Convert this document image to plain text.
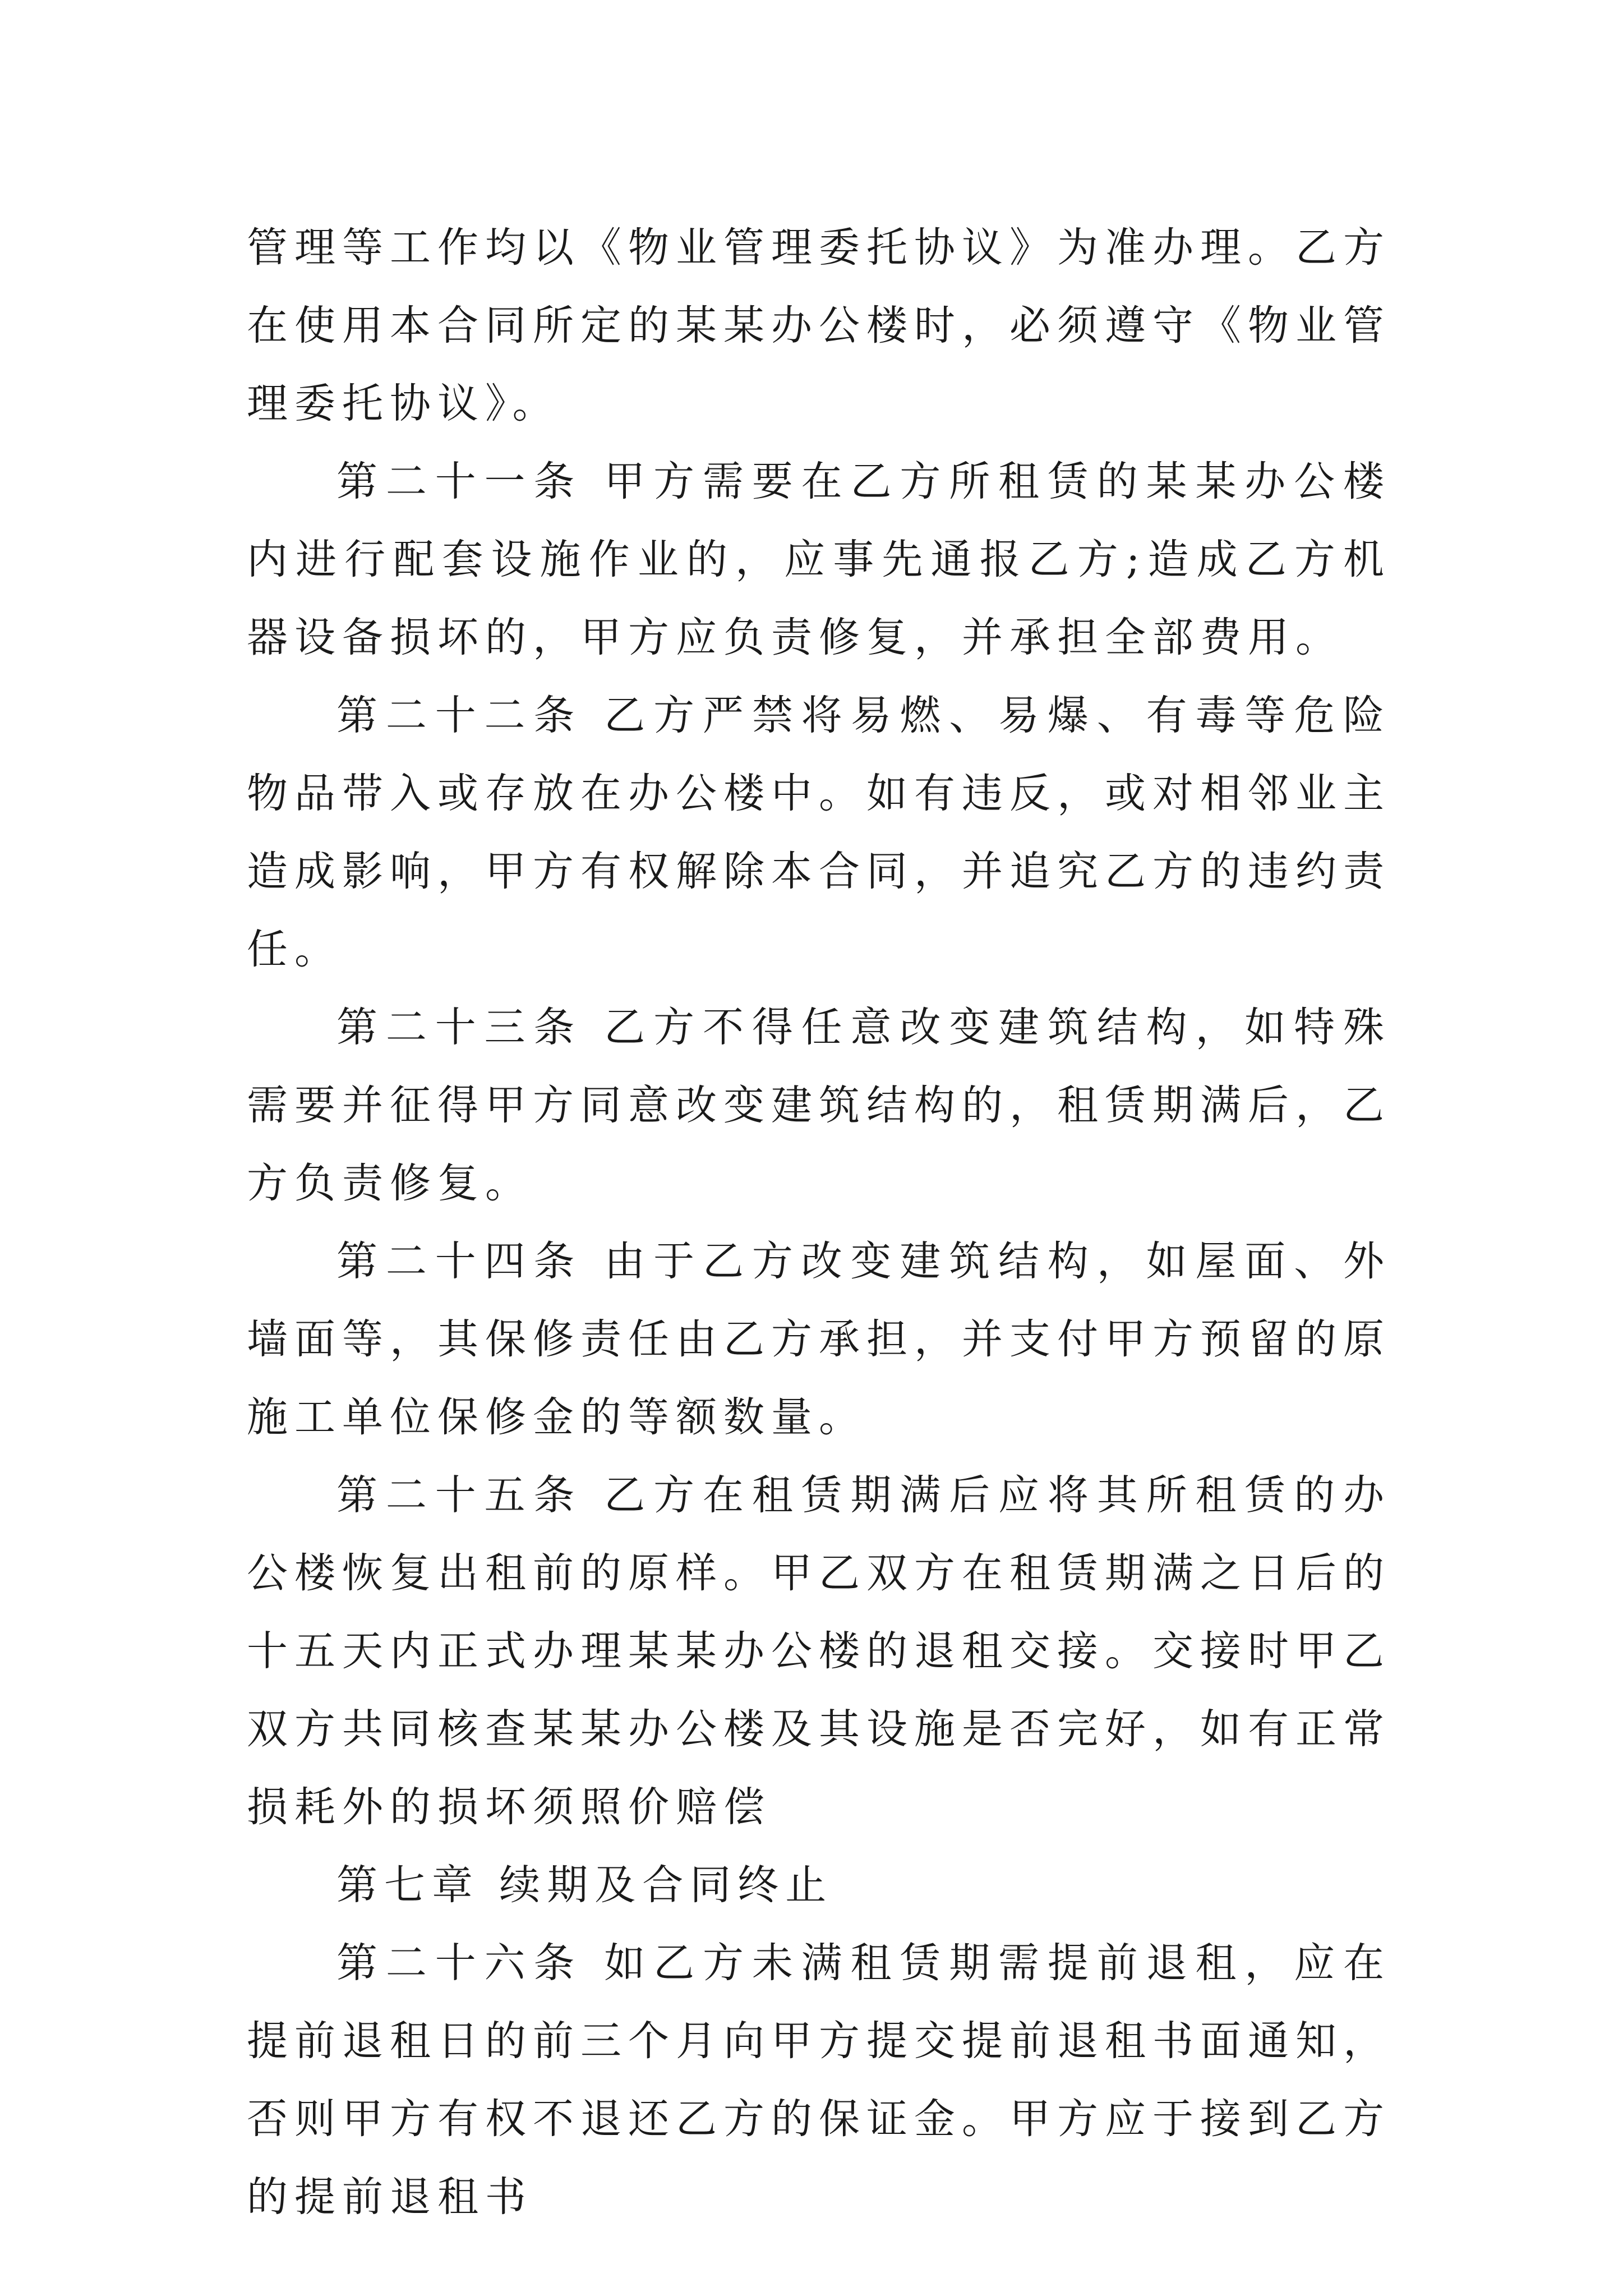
管理等工作均以《物业管理委托协议》为准办理。乙方在使用本合同所定的某某办公楼时，必须遵守《物业管理委托协议》。

第二十一条 甲方需要在乙方所租赁的某某办公楼内进行配套设施作业的，应事先通报乙方;造成乙方机器设备损坏的，甲方应负责修复，并承担全部费用。

第二十二条 乙方严禁将易燃、易爆、有毒等危险物品带入或存放在办公楼中。如有违反，或对相邻业主造成影响，甲方有权解除本合同，并追究乙方的违约责任。

第二十三条 乙方不得任意改变建筑结构，如特殊需要并征得甲方同意改变建筑结构的，租赁期满后，乙方负责修复。

第二十四条 由于乙方改变建筑结构，如屋面、外墙面等，其保修责任由乙方承担，并支付甲方预留的原施工单位保修金的等额数量。

第二十五条 乙方在租赁期满后应将其所租赁的办公楼恢复出租前的原样。甲乙双方在租赁期满之日后的十五天内正式办理某某办公楼的退租交接。交接时甲乙双方共同核查某某办公楼及其设施是否完好，如有正常损耗外的损坏须照价赔偿

第七章 续期及合同终止

第二十六条 如乙方未满租赁期需提前退租，应在提前退租日的前三个月向甲方提交提前退租书面通知，否则甲方有权不退还乙方的保证金。甲方应于接到乙方的提前退租书
